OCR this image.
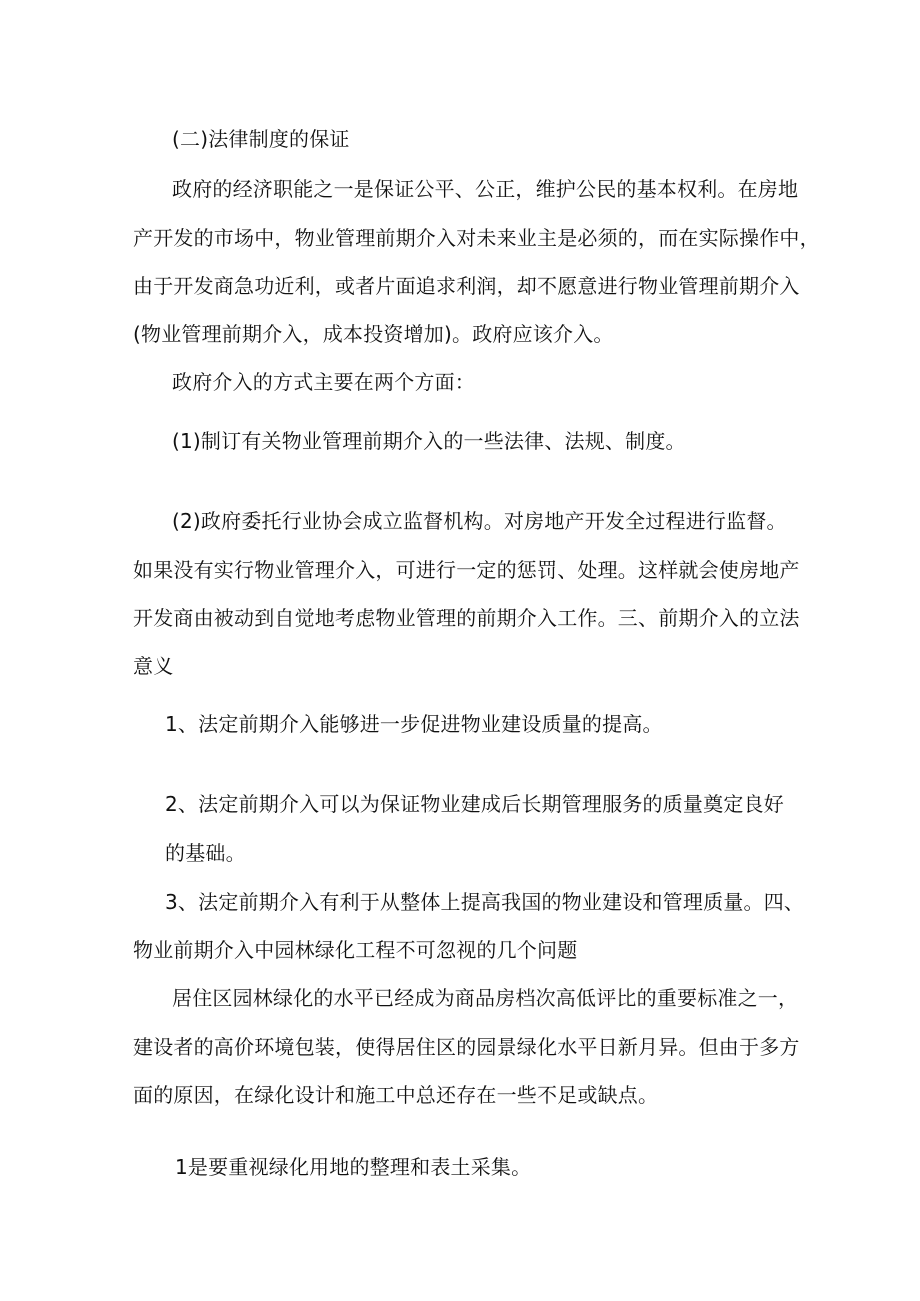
(二)法律制度的保证
政府的经济职能之一是保证公平、公正，维护公民的基本权利。在房地
产开发的市场中，物业管理前期介入对未来业主是必须的，而在实际操作中，
由于开发商急功近利，或者片面追求利润，却不愿意进行物业管理前期介入
(物业管理前期介入，成本投资增加)。政府应该介入。
政府介入的方式主要在两个方面：
(1)制订有关物业管理前期介入的一些法律、法规、制度。
(2)政府委托行业协会成立监督机构。对房地产开发全过程进行监督。
如果没有实行物业管理介入，可进行一定的惩罚、处理。这样就会使房地产
开发商由被动到自觉地考虑物业管理的前期介入工作。三、前期介入的立法
意义
1、法定前期介入能够进一步促进物业建设质量的提高。
2、法定前期介入可以为保证物业建成后长期管理服务的质量奠定良好
的基础。
3、法定前期介入有利于从整体上提高我国的物业建设和管理质量。四、
物业前期介入中园林绿化工程不可忽视的几个问题
居住区园林绿化的水平已经成为商品房档次高低评比的重要标准之一，
建设者的高价环境包装，使得居住区的园景绿化水平日新月异。但由于多方
面的原因，在绿化设计和施工中总还存在一些不足或缺点。
1是要重视绿化用地的整理和表土采集。
